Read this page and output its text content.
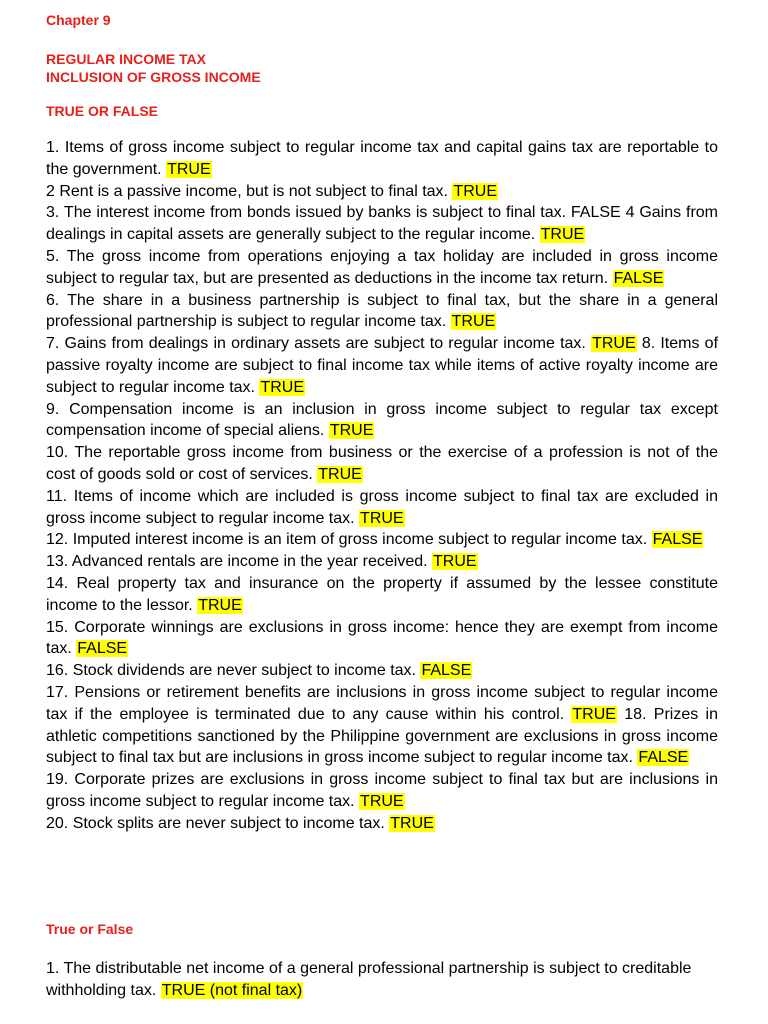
Chapter 9

REGULAR INCOME TAX

INCLUSION OF GROSS INCOME

TRUE OR FALSE

1. Items of gross income subject to regular income tax and capital gains tax are reportable to the government. TRUE
2 Rent is a passive income, but is not subject to final tax. TRUE
3. The interest income from bonds issued by banks is subject to final tax. FALSE 4 Gains from dealings in capital assets are generally subject to the regular income. TRUE
5. The gross income from operations enjoying a tax holiday are included in gross income subject to regular tax, but are presented as deductions in the income tax return. FALSE
6. The share in a business partnership is subject to final tax, but the share in a general professional partnership is subject to regular income tax. TRUE
7. Gains from dealings in ordinary assets are subject to regular income tax. TRUE 8. Items of passive royalty income are subject to final income tax while items of active royalty income are subject to regular income tax. TRUE
9. Compensation income is an inclusion in gross income subject to regular tax except compensation income of special aliens. TRUE
10. The reportable gross income from business or the exercise of a profession is not of the cost of goods sold or cost of services. TRUE
11. Items of income which are included is gross income subject to final tax are excluded in gross income subject to regular income tax. TRUE
12. Imputed interest income is an item of gross income subject to regular income tax. FALSE
13. Advanced rentals are income in the year received. TRUE
14. Real property tax and insurance on the property if assumed by the lessee constitute income to the lessor. TRUE
15. Corporate winnings are exclusions in gross income: hence they are exempt from income tax. FALSE
16. Stock dividends are never subject to income tax. FALSE
17. Pensions or retirement benefits are inclusions in gross income subject to regular income tax if the employee is terminated due to any cause within his control. TRUE 18. Prizes in athletic competitions sanctioned by the Philippine government are exclusions in gross income subject to final tax but are inclusions in gross income subject to regular income tax. FALSE
19. Corporate prizes are exclusions in gross income subject to final tax but are inclusions in gross income subject to regular income tax. TRUE
20. Stock splits are never subject to income tax. TRUE

True or False

1. The distributable net income of a general professional partnership is subject to creditable withholding tax. TRUE (not final tax)
